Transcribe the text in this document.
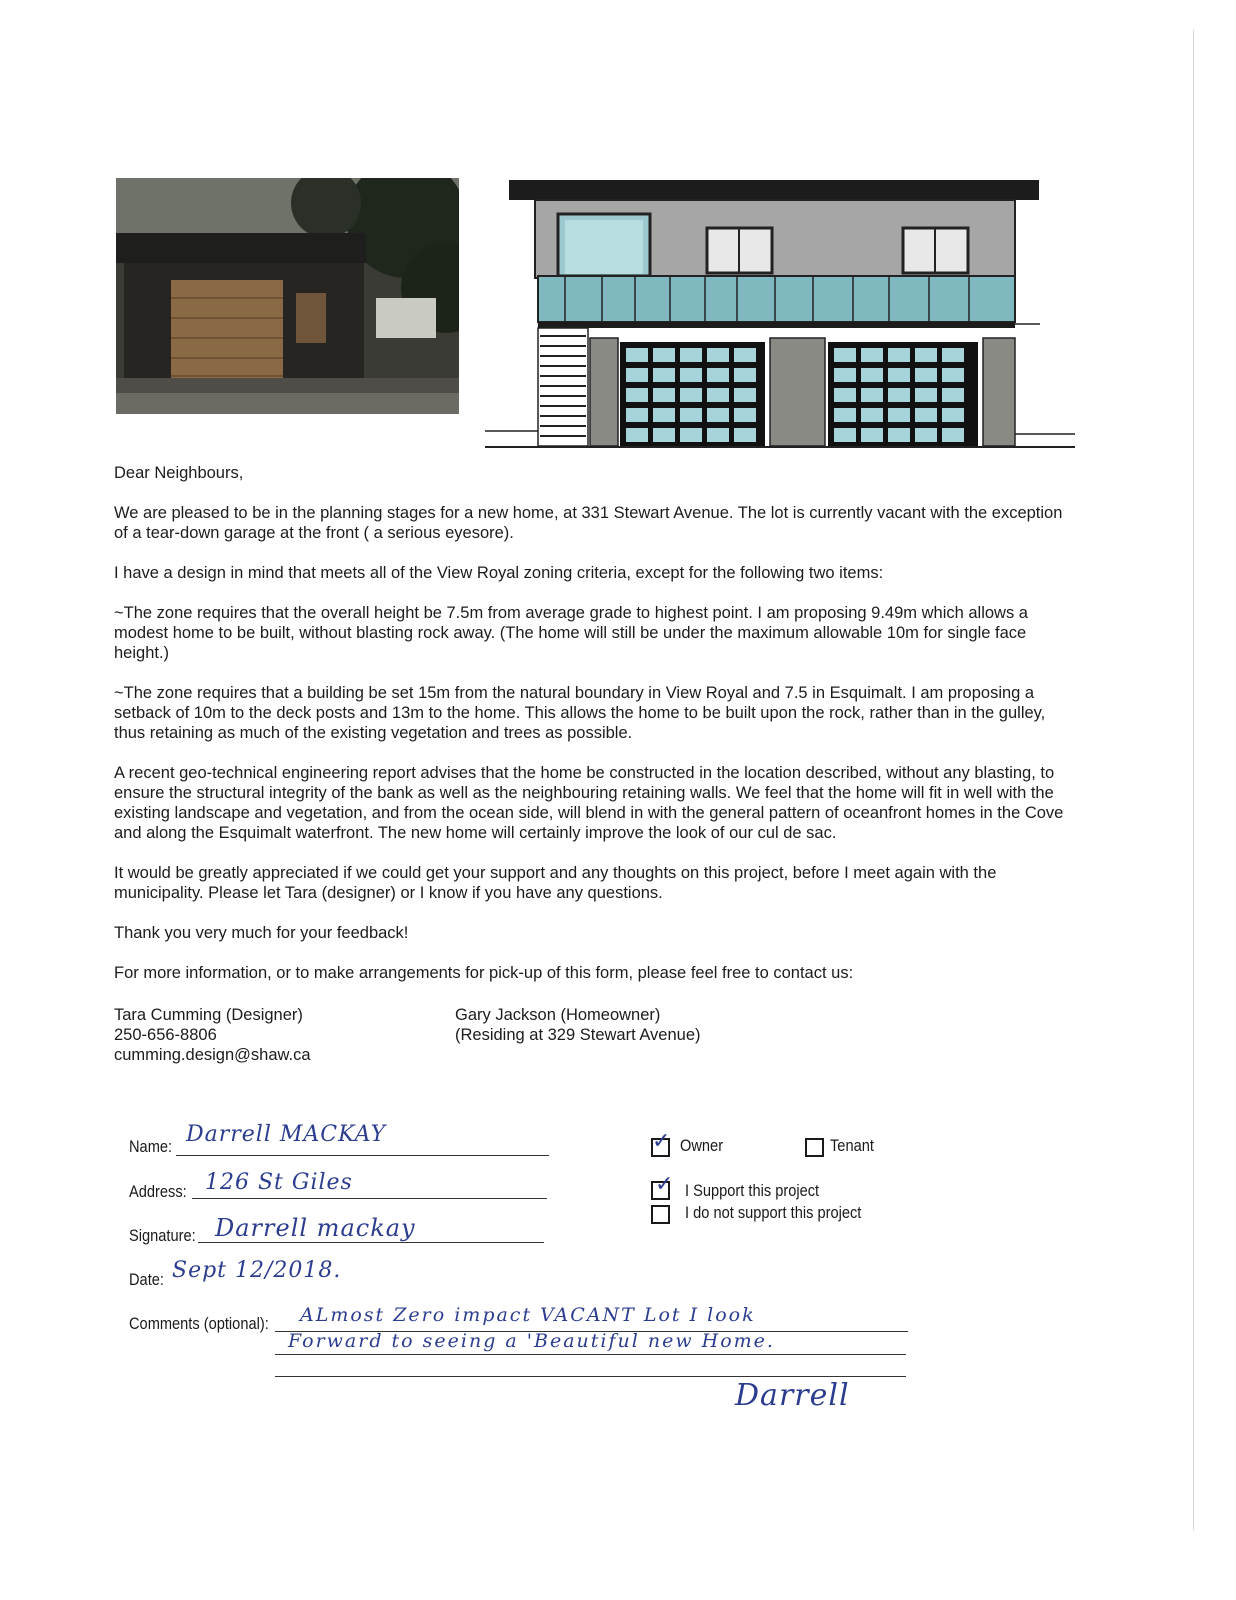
Dear Neighbours,

We are pleased to be in the planning stages for a new home, at 331 Stewart Avenue. The lot is currently vacant with the exception of a tear-down garage at the front ( a serious eyesore).

I have a design in mind that meets all of the View Royal zoning criteria, except for the following two items:

~The zone requires that the overall height be 7.5m from average grade to highest point. I am proposing 9.49m which allows a modest home to be built, without blasting rock away. (The home will still be under the maximum allowable 10m for single face height.)

~The zone requires that a building be set 15m from the natural boundary in View Royal and 7.5 in Esquimalt. I am proposing a setback of 10m to the deck posts and 13m to the home. This allows the home to be built upon the rock, rather than in the gulley, thus retaining as much of the existing vegetation and trees as possible.

A recent geo-technical engineering report advises that the home be constructed in the location described, without any blasting, to ensure the structural integrity of the bank as well as the neighbouring retaining walls. We feel that the home will fit in well with the existing landscape and vegetation, and from the ocean side, will blend in with the general pattern of oceanfront homes in the Cove and along the Esquimalt waterfront. The new home will certainly improve the look of our cul de sac.

It would be greatly appreciated if we could get your support and any thoughts on this project, before I meet again with the municipality. Please let Tara (designer) or I know if you have any questions.

Thank you very much for your feedback!

For more information, or to make arrangements for pick-up of this form, please feel free to contact us:

Tara Cumming (Designer)
250-656-8806
cumming.design@shaw.ca
Gary Jackson (Homeowner)
(Residing at 329 Stewart Avenue)
Name: Darrell MACKAY
Address: 126 St Giles
Signature: Darrell mackay
Date: Sept 12/2018.
Comments (optional): ALmost Zero impact VACANT Lot I look
Forward to seeing a 'Beautiful new Home.
Darrell
✓ Owner	Tenant
✓ I Support this project
I do not support this project
